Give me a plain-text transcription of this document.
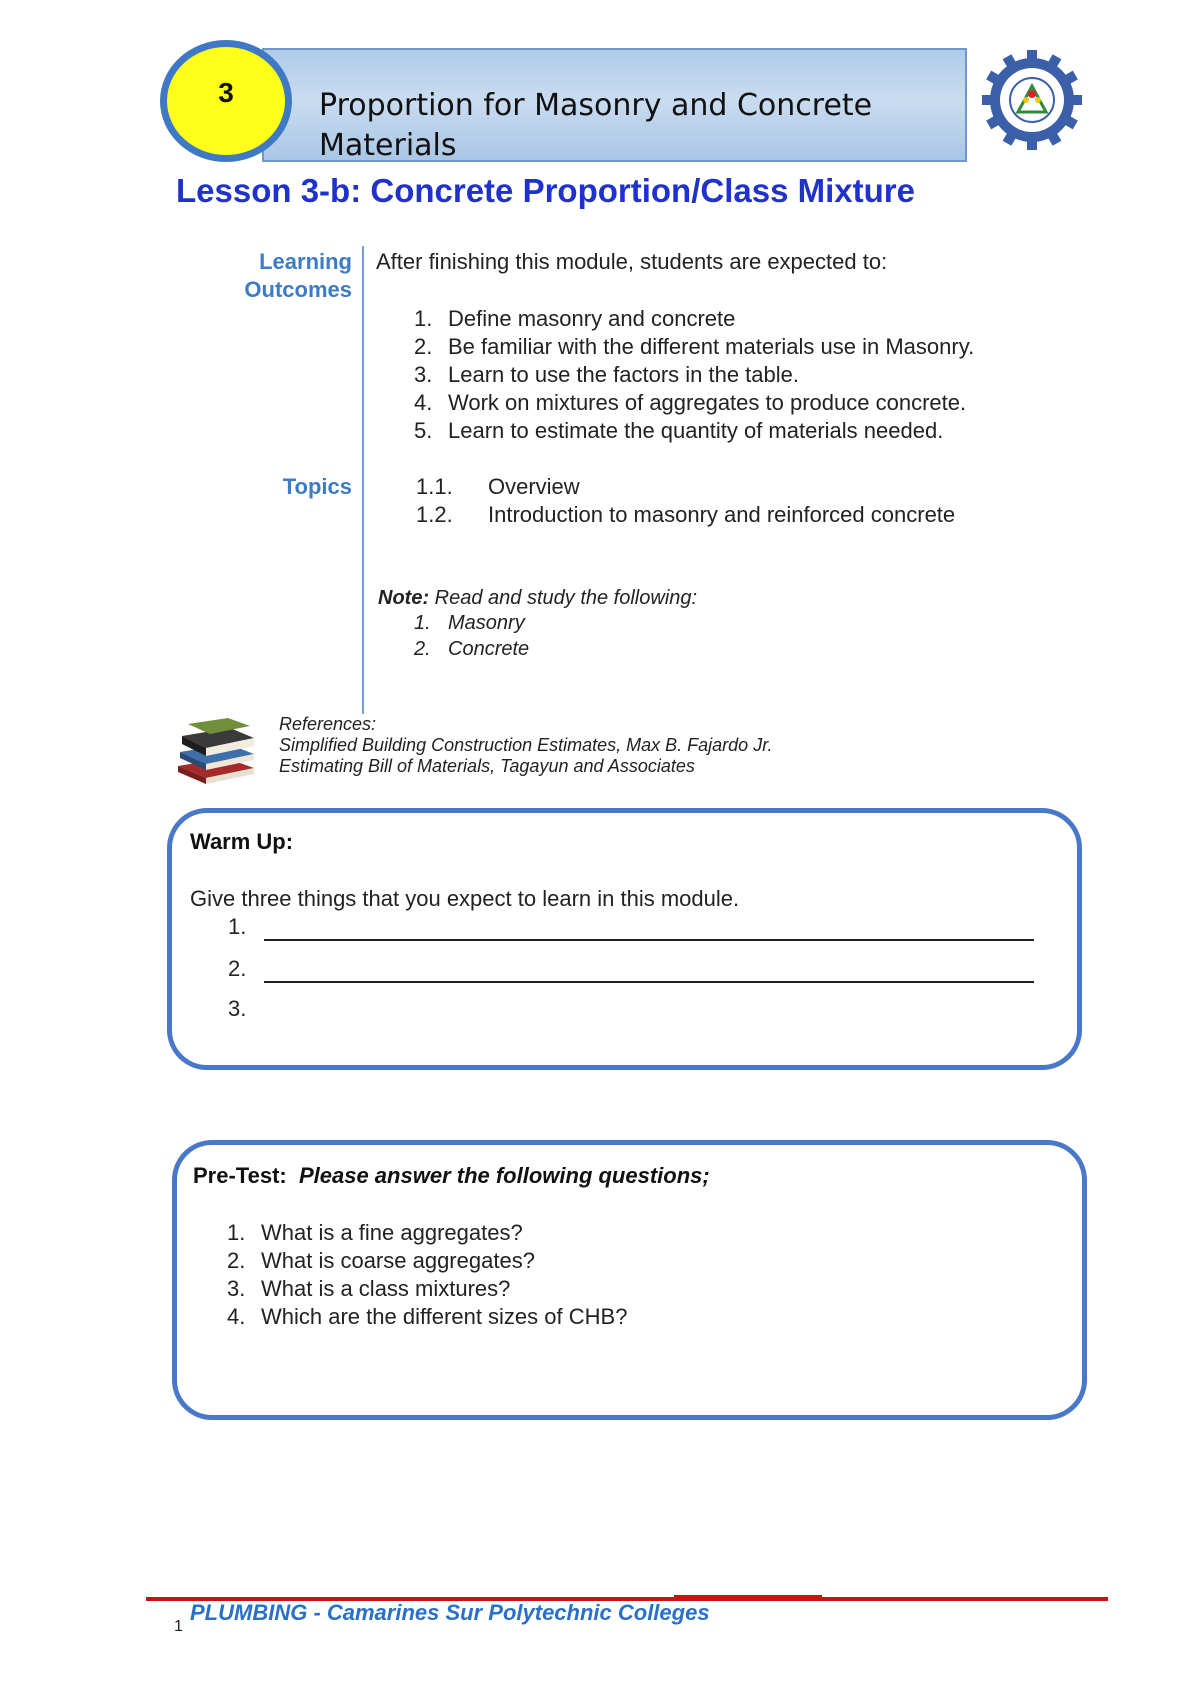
Proportion for Masonry and Concrete Materials
3
Lesson 3-b: Concrete Proportion/Class Mixture
Learning
Outcomes
After finishing this module, students are expected to:
1. Define masonry and concrete
2. Be familiar with the different materials use in Masonry.
3. Learn to use the factors in the table.
4. Work on mixtures of aggregates to produce concrete.
5. Learn to estimate the quantity of materials needed.
Topics	1.1. Overview
1.2. Introduction to masonry and reinforced concrete
Note: Read and study the following:
1. Masonry
2. Concrete
References:
Simplified Building Construction Estimates, Max B. Fajardo Jr.
Estimating Bill of Materials, Tagayun and Associates
Warm Up:
Give three things that you expect to learn in this module.
1.
2.
3.
Pre-Test: Please answer the following questions;
1. What is a fine aggregates?
2. What is coarse aggregates?
3. What is a class mixtures?
4. Which are the different sizes of CHB?
1
PLUMBING - Camarines Sur Polytechnic Colleges
